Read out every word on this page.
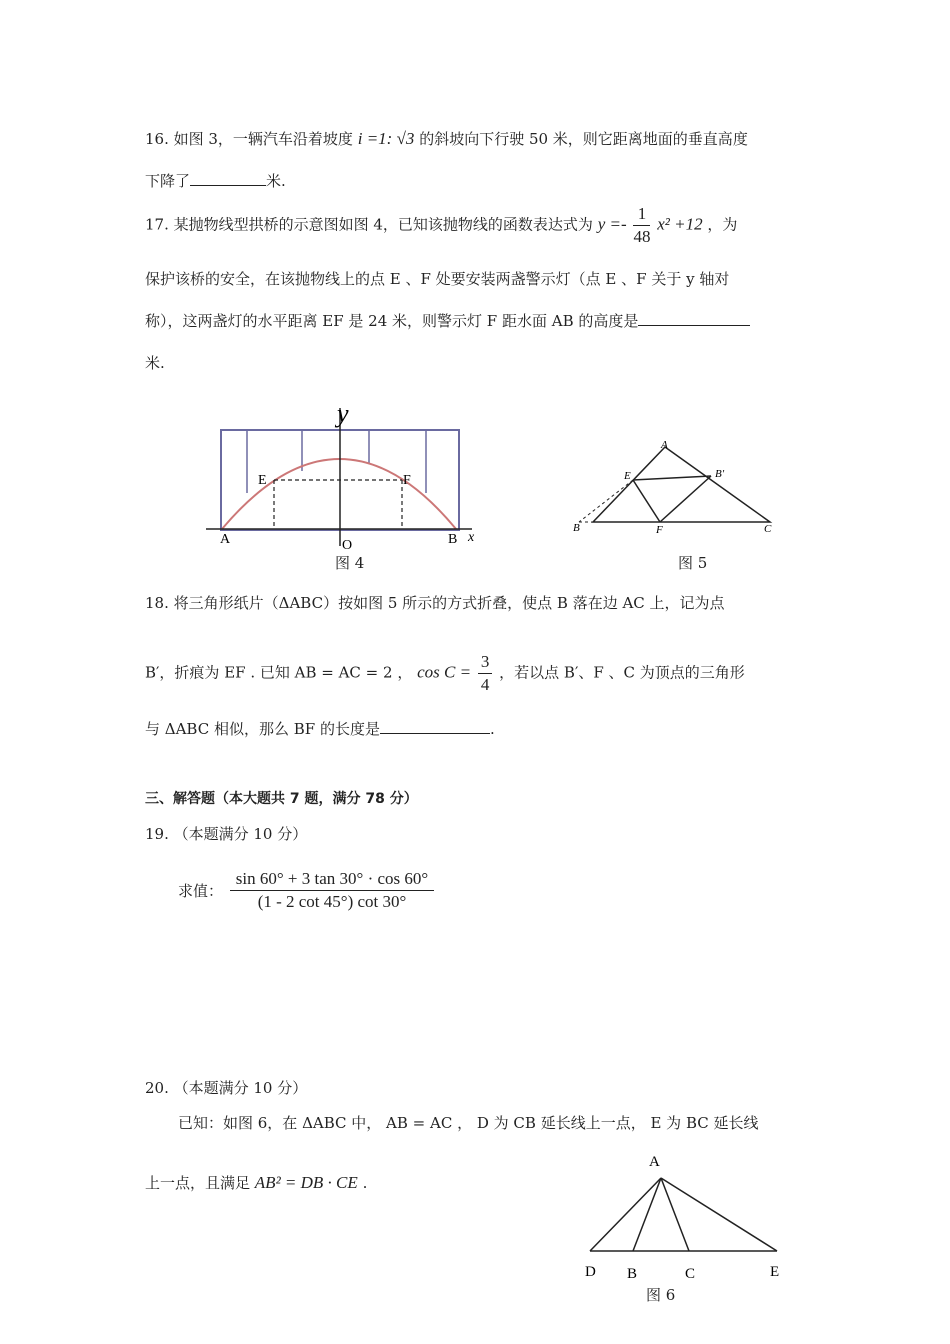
16. 如图 3，一辆汽车沿着坡度 i =1: √3 的斜坡向下行驶 50 米，则它距离地面的垂直高度
下降了	米.
17. 某抛物线型拱桥的示意图如图 4，已知该抛物线的函数表达式为 $y =- \frac{1}{48} x^2 +12$ ，为
保护该桥的安全，在该抛物线上的点 E 、F 处要安装两盏警示灯（点 E 、F 关于 y 轴对
称），这两盏灯的水平距离 EF 是 24 米，则警示灯 F 距水面 AB 的高度是
米.
y
x
A	B
E	F
O
图 4
A
E	B′
B	F	C
图 5
18. 将三角形纸片（ΔABC）按如图 5 所示的方式折叠，使点 B 落在边 AC 上，记为点
B′，折痕为 EF . 已知 AB = AC = 2 ， $\cos C = \frac{3}{4}$ ，若以点 B′、F 、C 为顶点的三角形
与 ΔABC 相似，那么 BF 的长度是	.
三、解答题（本大题共 7 题，满分 78 分）
19. （本题满分 10 分）
求值： $\frac{\sin 60^\circ + 3 \tan 30^\circ \cdot \cos 60^\circ}{(1 - 2 \cot 45^\circ) \cot 30^\circ}$
20. （本题满分 10 分）
已知：如图 6，在 ΔABC 中， AB = AC ， D 为 CB 延长线上一点， E 为 BC 延长线
上一点，且满足 AB² = DB · CE .
A
D B	C	E
图 6
